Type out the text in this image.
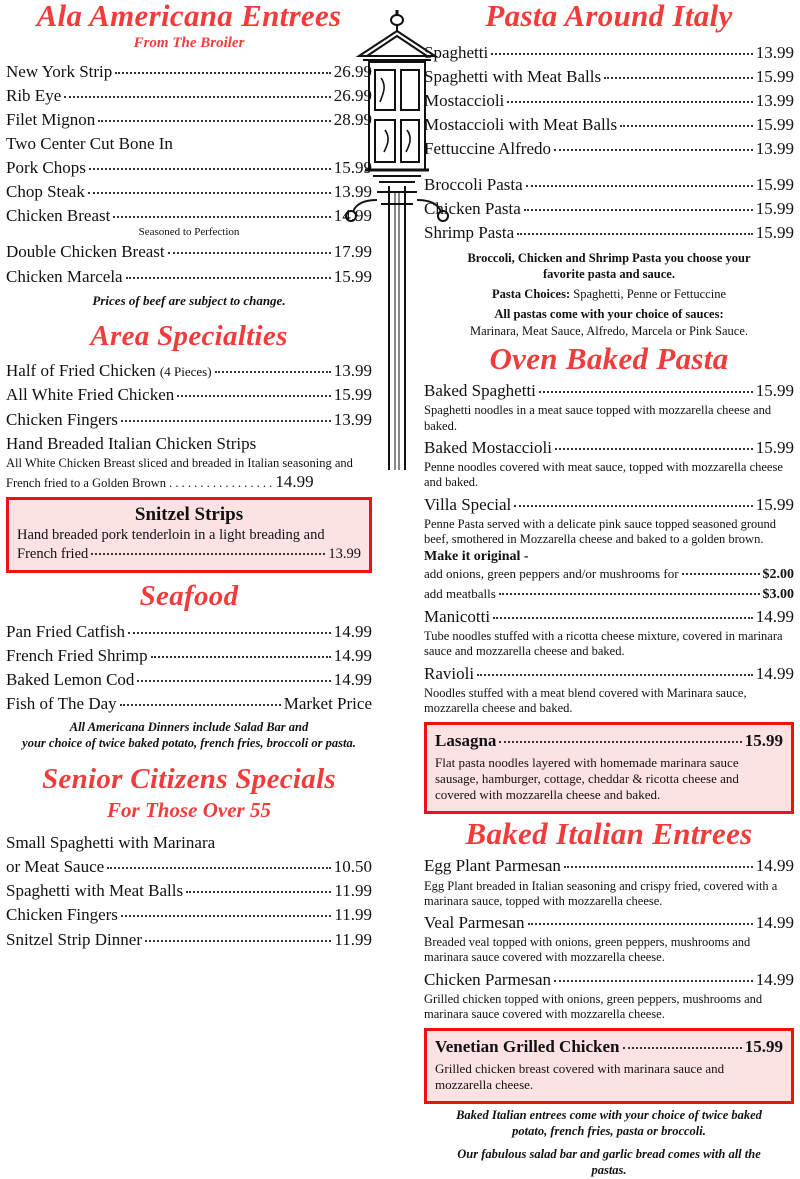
Ala Americana Entrees
From The Broiler
New York Strip	26.99
Rib Eye	26.99
Filet Mignon	28.99
Two Center Cut Bone In
Pork Chops	15.99
Chop Steak	13.99
Chicken Breast	14.99
Seasoned to Perfection
Double Chicken Breast	17.99
Chicken Marcela	15.99
Prices of beef are subject to change.
Area Specialties
Half of Fried Chicken (4 Pieces)	13.99
All White Fried Chicken	15.99
Chicken Fingers	13.99
Hand Breaded Italian Chicken Strips
All White Chicken Breast sliced and breaded in Italian seasoning and French fried to a Golden Brown . . . . . . . . . . . . . . . . . 14.99
Snitzel Strips
Hand breaded pork tenderloin in a light breading and
French fried	13.99
Seafood
Pan Fried Catfish	14.99
French Fried Shrimp	14.99
Baked Lemon Cod	14.99
Fish of The Day	Market Price
All Americana Dinners include Salad Bar and
your choice of twice baked potato, french fries, broccoli or pasta.
Senior Citizens Specials
For Those Over 55
Small Spaghetti with Marinara
or Meat Sauce	10.50
Spaghetti with Meat Balls	11.99
Chicken Fingers	11.99
Snitzel Strip Dinner	11.99
Pasta Around Italy
Spaghetti	13.99
Spaghetti with Meat Balls	15.99
Mostaccioli	13.99
Mostaccioli with Meat Balls	15.99
Fettuccine Alfredo	13.99
Broccoli Pasta	15.99
Chicken Pasta	15.99
Shrimp Pasta	15.99
Broccoli, Chicken and Shrimp Pasta you choose your
favorite pasta and sauce.
Pasta Choices: Spaghetti, Penne or Fettuccine
All pastas come with your choice of sauces:
Marinara, Meat Sauce, Alfredo, Marcela or Pink Sauce.
Oven Baked Pasta
Baked Spaghetti	15.99
Spaghetti noodles in a meat sauce topped with mozzarella cheese and baked.
Baked Mostaccioli	15.99
Penne noodles covered with meat sauce, topped with mozzarella cheese and baked.
Villa Special	15.99
Penne Pasta served with a delicate pink sauce topped seasoned ground beef, smothered in Mozzarella cheese and baked to a golden brown.
Make it original -
add onions, green peppers and/or mushrooms for	$2.00
add meatballs	$3.00
Manicotti	14.99
Tube noodles stuffed with a ricotta cheese mixture, covered in marinara sauce and mozzarella cheese and baked.
Ravioli	14.99
Noodles stuffed with a meat blend covered with Marinara sauce, mozzarella cheese and baked.
Lasagna	15.99
Flat pasta noodles layered with homemade marinara sauce sausage, hamburger, cottage, cheddar & ricotta cheese and covered with mozzarella cheese and baked.
Baked Italian Entrees
Egg Plant Parmesan	14.99
Egg Plant breaded in Italian seasoning and crispy fried, covered with a marinara sauce, topped with mozzarella cheese.
Veal Parmesan	14.99
Breaded veal topped with onions, green peppers, mushrooms and marinara sauce covered with mozzarella cheese.
Chicken Parmesan	14.99
Grilled chicken topped with onions, green peppers, mushrooms and marinara sauce covered with mozzarella cheese.
Venetian Grilled Chicken	15.99
Grilled chicken breast covered with marinara sauce and mozzarella cheese.
Baked Italian entrees come with your choice of twice baked
potato, french fries, pasta or broccoli.
Our fabulous salad bar and garlic bread comes with all the
pastas.
